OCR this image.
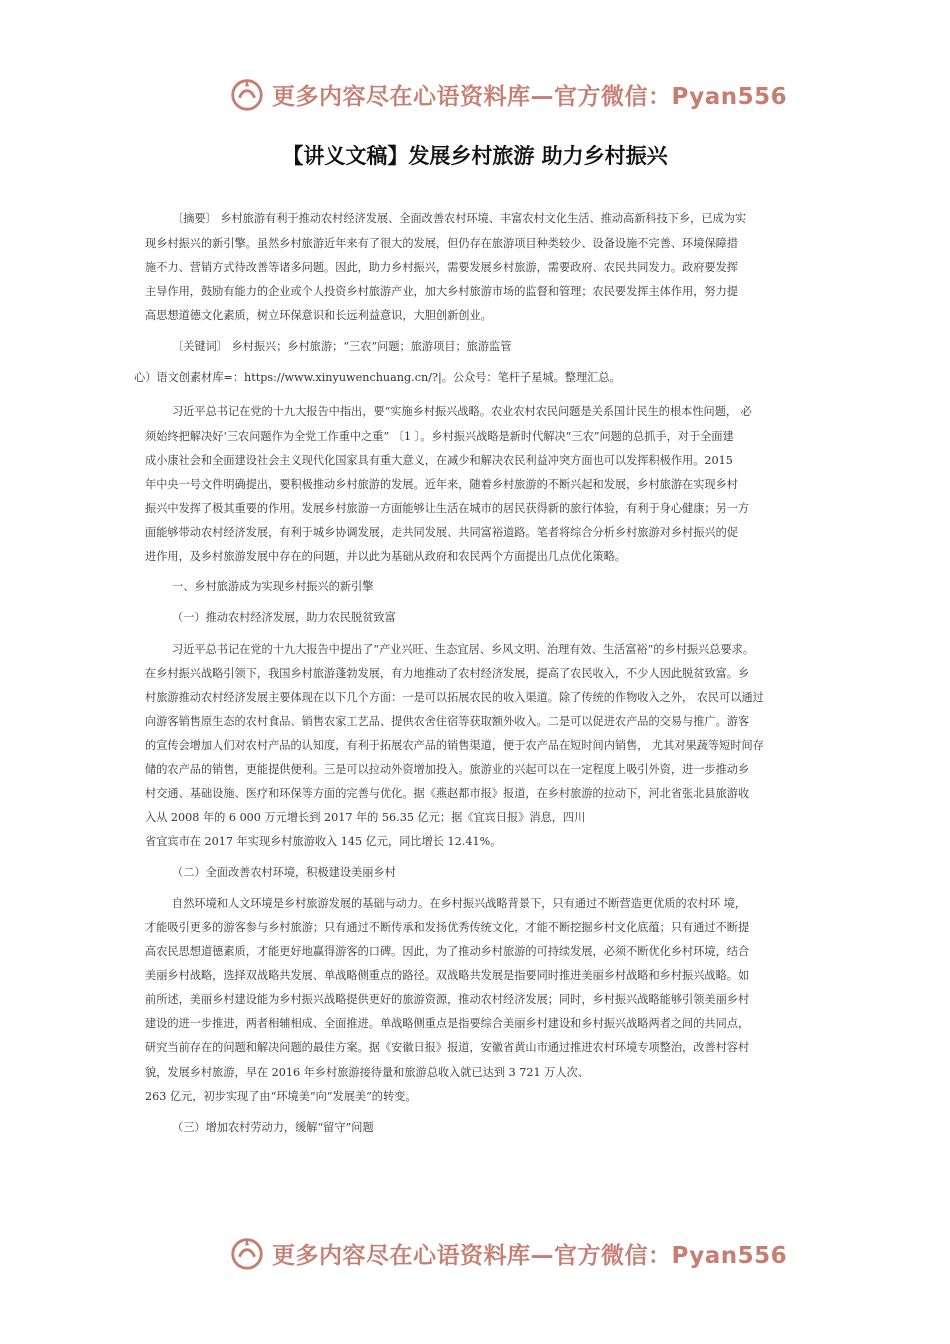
更多内容尽在心语资料库—官方微信：Pyan556
【讲义文稿】发展乡村旅游 助力乡村振兴
〔摘要〕 乡村旅游有利于推动农村经济发展、全面改善农村环境、丰富农村文化生活、推动高新科技下乡，已成为实
现乡村振兴的新引擎。虽然乡村旅游近年来有了很大的发展，但仍存在旅游项目种类较少、设备设施不完善、环境保障措
施不力、营销方式待改善等诸多问题。因此，助力乡村振兴，需要发展乡村旅游，需要政府、农民共同发力。政府要发挥
主导作用，鼓励有能力的企业或个人投资乡村旅游产业，加大乡村旅游市场的监督和管理；农民要发挥主体作用，努力提
高思想道德文化素质，树立环保意识和长远利益意识，大胆创新创业。
〔关键词〕 乡村振兴；乡村旅游；“三农”问题；旅游项目；旅游监管
心）语文创素材库=：https://www.xinyuwenchuang.cn/?|。公众号：笔杆子星城。整理汇总。
习近平总书记在党的十九大报告中指出，要“实施乡村振兴战略。农业农村农民问题是关系国计民生的根本性问题， 必
须始终把解决好‘三农问题作为全党工作重中之重” 〔1 〕。乡村振兴战略是新时代解决“三农”问题的总抓手，对于全面建
成小康社会和全面建设社会主义现代化国家具有重大意义，在减少和解决农民利益冲突方面也可以发挥积极作用。2015
年中央一号文件明确提出，要积极推动乡村旅游的发展。近年来，随着乡村旅游的不断兴起和发展，乡村旅游在实现乡村
振兴中发挥了极其重要的作用。发展乡村旅游一方面能够让生活在城市的居民获得新的旅行体验，有利于身心健康；另一方
面能够带动农村经济发展，有利于城乡协调发展，走共同发展、共同富裕道路。笔者将综合分析乡村旅游对乡村振兴的促
进作用，及乡村旅游发展中存在的问题，并以此为基础从政府和农民两个方面提出几点优化策略。
一、乡村旅游成为实现乡村振兴的新引擎
（一）推动农村经济发展，助力农民脱贫致富
习近平总书记在党的十九大报告中提出了“产业兴旺、生态宜居、乡风文明、治理有效、生活富裕”的乡村振兴总要求。
在乡村振兴战略引领下，我国乡村旅游蓬勃发展，有力地推动了农村经济发展，提高了农民收入，不少人因此脱贫致富。乡
村旅游推动农村经济发展主要体现在以下几个方面：一是可以拓展农民的收入渠道。除了传统的作物收入之外， 农民可以通过
向游客销售原生态的农村食品、销售农家工艺品、提供农舍住宿等获取额外收入。二是可以促进农产品的交易与推广。游客
的宣传会增加人们对农村产品的认知度，有利于拓展农产品的销售渠道，便于农产品在短时间内销售， 尤其对果蔬等短时间存
储的农产品的销售，更能提供便利。三是可以拉动外资增加投入。旅游业的兴起可以在一定程度上吸引外资，进一步推动乡
村交通、基础设施、医疗和环保等方面的完善与优化。据《燕赵都市报》报道，在乡村旅游的拉动下，河北省张北县旅游收
入从 2008 年的 6 000 万元增长到 2017 年的 56.35 亿元；据《宜宾日报》消息，四川
省宜宾市在 2017 年实现乡村旅游收入 145 亿元，同比增长 12.41%。
（二）全面改善农村环境，积极建设美丽乡村
自然环境和人文环境是乡村旅游发展的基础与动力。在乡村振兴战略背景下，只有通过不断营造更优质的农村环 境，
才能吸引更多的游客参与乡村旅游；只有通过不断传承和发扬优秀传统文化，才能不断挖掘乡村文化底蕴；只有通过不断提
高农民思想道德素质，才能更好地赢得游客的口碑。因此，为了推动乡村旅游的可持续发展，必须不断优化乡村环境，结合
美丽乡村战略，选择双战略共发展、单战略侧重点的路径。双战略共发展是指要同时推进美丽乡村战略和乡村振兴战略。如
前所述，美丽乡村建设能为乡村振兴战略提供更好的旅游资源，推动农村经济发展；同时，乡村振兴战略能够引领美丽乡村
建设的进一步推进，两者相辅相成、全面推进。单战略侧重点是指要综合美丽乡村建设和乡村振兴战略两者之间的共同点，
研究当前存在的问题和解决问题的最佳方案。据《安徽日报》报道，安徽省黄山市通过推进农村环境专项整治，改善村容村
貌，发展乡村旅游，早在 2016 年乡村旅游接待量和旅游总收入就已达到 3 721 万人次、
263 亿元，初步实现了由“环境美”向“发展美”的转变。
（三）增加农村劳动力，缓解“留守”问题
更多内容尽在心语资料库—官方微信：Pyan556
